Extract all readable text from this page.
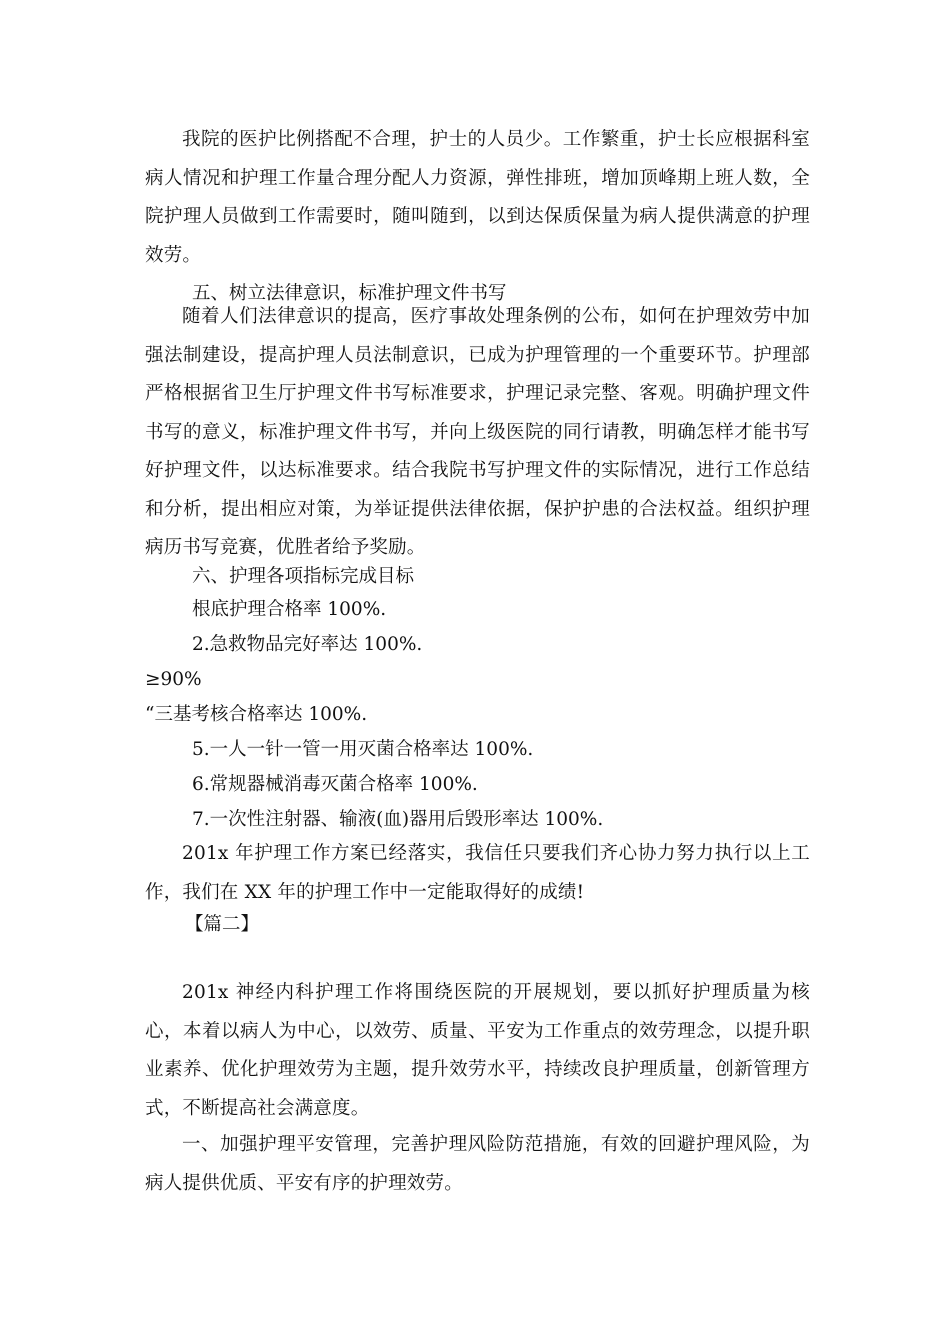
我院的医护比例搭配不合理，护士的人员少。工作繁重，护士长应根据科室病人情况和护理工作量合理分配人力资源，弹性排班，增加顶峰期上班人数，全院护理人员做到工作需要时，随叫随到，以到达保质保量为病人提供满意的护理效劳。

五、树立法律意识，标准护理文件书写

随着人们法律意识的提高，医疗事故处理条例的公布，如何在护理效劳中加强法制建设，提高护理人员法制意识，已成为护理管理的一个重要环节。护理部严格根据省卫生厅护理文件书写标准要求，护理记录完整、客观。明确护理文件书写的意义，标准护理文件书写，并向上级医院的同行请教，明确怎样才能书写好护理文件，以达标准要求。结合我院书写护理文件的实际情况，进行工作总结和分析，提出相应对策，为举证提供法律依据，保护护患的合法权益。组织护理病历书写竞赛，优胜者给予奖励。

六、护理各项指标完成目标

根底护理合格率 100%.

2.急救物品完好率达 100%.

≥90%

“三基考核合格率达 100%.

5.一人一针一管一用灭菌合格率达 100%.

6.常规器械消毒灭菌合格率 100%.

7.一次性注射器、输液(血)器用后毁形率达 100%.

201x 年护理工作方案已经落实，我信任只要我们齐心协力努力执行以上工作，我们在 XX 年的护理工作中一定能取得好的成绩!

【篇二】

201x 神经内科护理工作将围绕医院的开展规划，要以抓好护理质量为核心，本着以病人为中心，以效劳、质量、平安为工作重点的效劳理念，以提升职业素养、优化护理效劳为主题，提升效劳水平，持续改良护理质量，创新管理方式，不断提高社会满意度。

一、加强护理平安管理，完善护理风险防范措施，有效的回避护理风险，为病人提供优质、平安有序的护理效劳。
